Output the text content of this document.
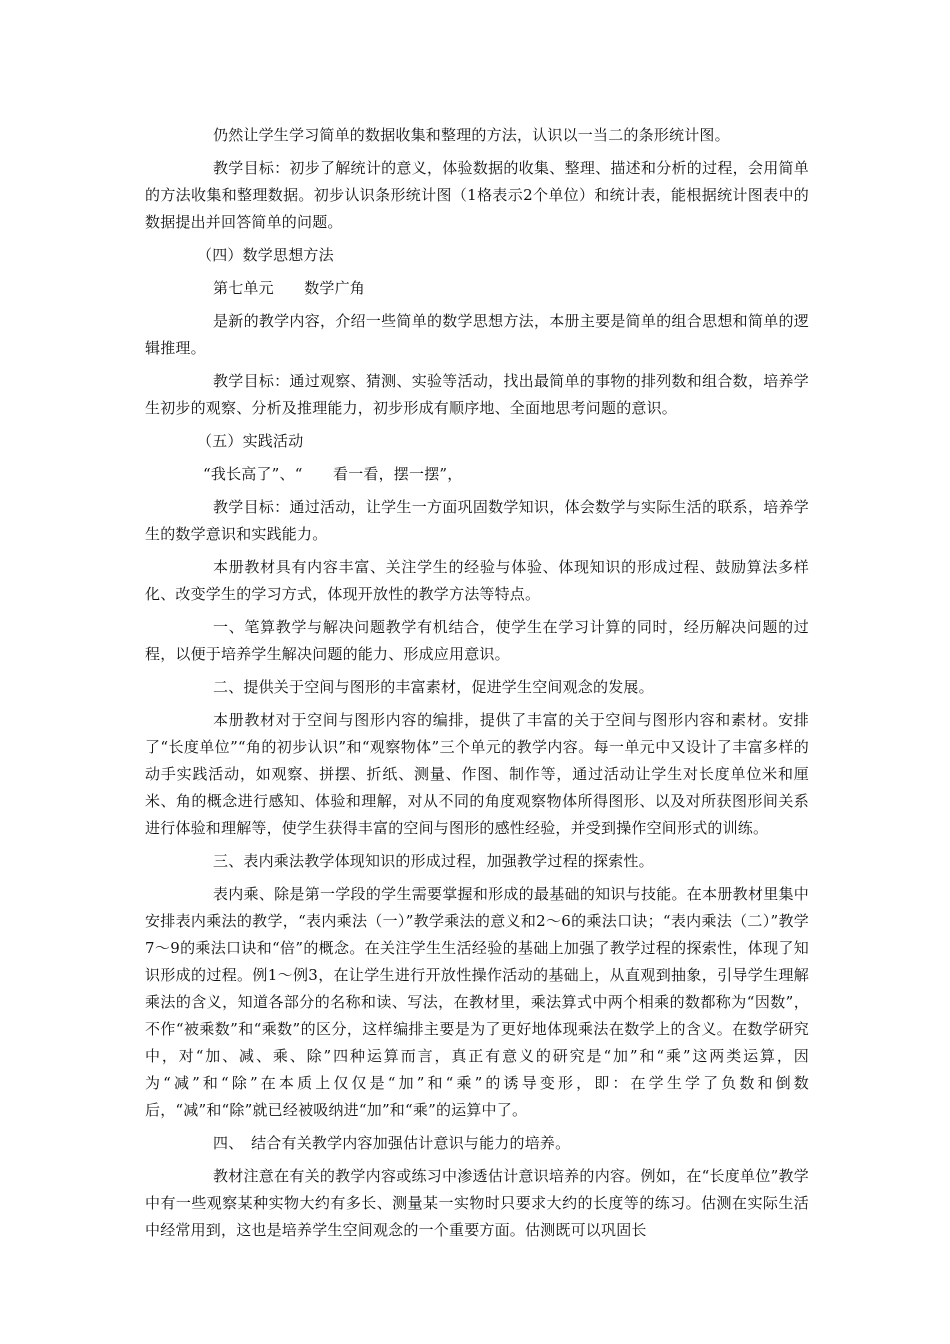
仍然让学生学习简单的数据收集和整理的方法，认识以一当二的条形统计图。

教学目标：初步了解统计的意义，体验数据的收集、整理、描述和分析的过程，会用简单的方法收集和整理数据。初步认识条形统计图（1格表示2个单位）和统计表，能根据统计图表中的数据提出并回答简单的问题。

（四）数学思想方法

第七单元　　数学广角

是新的教学内容，介绍一些简单的数学思想方法，本册主要是简单的组合思想和简单的逻辑推理。

教学目标：通过观察、猜测、实验等活动，找出最简单的事物的排列数和组合数，培养学生初步的观察、分析及推理能力，初步形成有顺序地、全面地思考问题的意识。

（五）实践活动

“我长高了”、“　　看一看，摆一摆”，

教学目标：通过活动，让学生一方面巩固数学知识，体会数学与实际生活的联系，培养学生的数学意识和实践能力。

本册教材具有内容丰富、关注学生的经验与体验、体现知识的形成过程、鼓励算法多样化、改变学生的学习方式，体现开放性的教学方法等特点。

一、笔算教学与解决问题教学有机结合，使学生在学习计算的同时，经历解决问题的过程，以便于培养学生解决问题的能力、形成应用意识。

二、提供关于空间与图形的丰富素材，促进学生空间观念的发展。

本册教材对于空间与图形内容的编排，提供了丰富的关于空间与图形内容和素材。安排了“长度单位”“角的初步认识”和“观察物体”三个单元的教学内容。每一单元中又设计了丰富多样的动手实践活动，如观察、拼摆、折纸、测量、作图、制作等，通过活动让学生对长度单位米和厘米、角的概念进行感知、体验和理解，对从不同的角度观察物体所得图形、以及对所获图形间关系进行体验和理解等，使学生获得丰富的空间与图形的感性经验，并受到操作空间形式的训练。

三、表内乘法教学体现知识的形成过程，加强教学过程的探索性。

表内乘、除是第一学段的学生需要掌握和形成的最基础的知识与技能。在本册教材里集中安排表内乘法的教学，“表内乘法（一）”教学乘法的意义和2～6的乘法口诀；“表内乘法（二）”教学7～9的乘法口诀和“倍”的概念。在关注学生生活经验的基础上加强了教学过程的探索性，体现了知识形成的过程。例1～例3，在让学生进行开放性操作活动的基础上，从直观到抽象，引导学生理解乘法的含义，知道各部分的名称和读、写法，在教材里，乘法算式中两个相乘的数都称为“因数”，不作“被乘数”和“乘数”的区分，这样编排主要是为了更好地体现乘法在数学上的含义。在数学研究中，对“加、减、乘、除”四种运算而言，真正有意义的研究是“加”和“乘”这两类运算，因为“减”和“除”在本质上仅仅是“加”和“乘”的诱导变形，即：在学生学了负数和倒数后，“减”和“除”就已经被吸纳进“加”和“乘”的运算中了。

四、　结合有关教学内容加强估计意识与能力的培养。

教材注意在有关的教学内容或练习中渗透估计意识培养的内容。例如，在“长度单位”教学中有一些观察某种实物大约有多长、测量某一实物时只要求大约的长度等的练习。估测在实际生活中经常用到，这也是培养学生空间观念的一个重要方面。估测既可以巩固长
